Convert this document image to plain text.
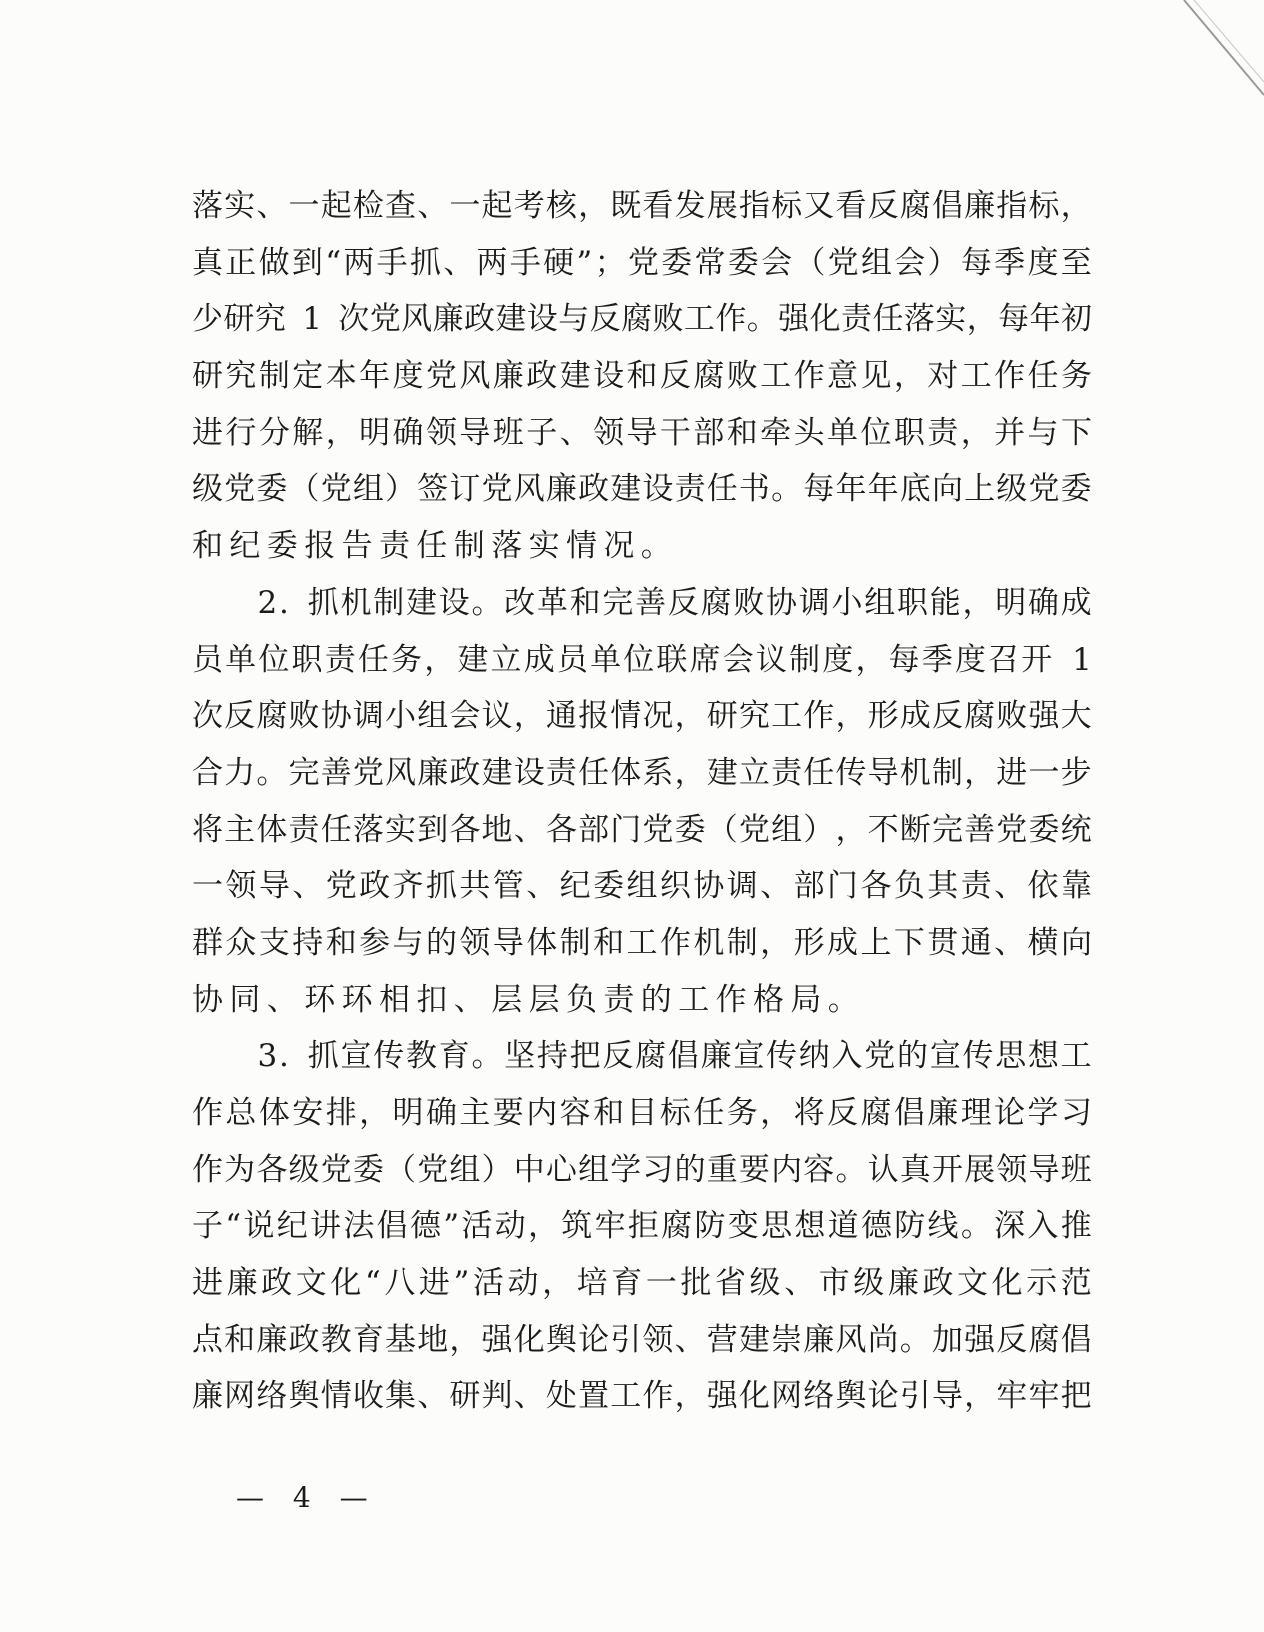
落 实 、 一 起 检 查 、 一 起 考 核 ， 既 看 发 展 指 标 又 看 反 腐 倡 廉 指 标 ，
真 正 做 到 “ 两 手 抓 、 两 手 硬 ” ； 党 委 常 委 会 （ 党 组 会 ） 每 季 度 至
少 研 究
  1
  次 党 风 廉 政 建 设 与 反 腐 败 工 作 。 强 化 责 任 落 实 ， 每 年 初
研 究 制 定 本 年 度 党 风 廉 政 建 设 和 反 腐 败 工 作 意 见 ， 对 工 作 任 务
进 行 分 解 ， 明 确 领 导 班 子 、 领 导 干 部 和 牵 头 单 位 职 责 ， 并 与 下
级 党 委 （ 党 组 ） 签 订 党 风 廉 政 建 设 责 任 书 。 每 年 年 底 向 上 级 党 委
和纪委报告责任制落实情况。

2 .
  抓 机 制 建 设 。 改 革 和 完 善 反 腐 败 协 调 小 组 职 能 ， 明 确 成
员 单 位 职 责 任 务 ， 建 立 成 员 单 位 联 席 会 议 制 度 ， 每 季 度 召 开
  1
次 反 腐 败 协 调 小 组 会 议 ， 通 报 情 况 ， 研 究 工 作 ， 形 成 反 腐 败 强 大
合 力 。 完 善 党 风 廉 政 建 设 责 任 体 系 ， 建 立 责 任 传 导 机 制 ， 进 一 步
将 主 体 责 任 落 实 到 各 地 、 各 部 门 党 委 （ 党 组 ） ， 不 断 完 善 党 委 统
一 领 导 、 党 政 齐 抓 共 管 、 纪 委 组 织 协 调 、 部 门 各 负 其 责 、 依 靠
群 众 支 持 和 参 与 的 领 导 体 制 和 工 作 机 制 ， 形 成 上 下 贯 通 、 横 向
协同、环环相扣、层层负责的工作格局。

3 .
  抓 宣 传 教 育 。 坚 持 把 反 腐 倡 廉 宣 传 纳 入 党 的 宣 传 思 想 工
作 总 体 安 排 ， 明 确 主 要 内 容 和 目 标 任 务 ， 将 反 腐 倡 廉 理 论 学 习
作 为 各 级 党 委 （ 党 组 ） 中 心 组 学 习 的 重 要 内 容 。 认 真 开 展 领 导 班
子 “ 说 纪 讲 法 倡 德 ” 活 动 ， 筑 牢 拒 腐 防 变 思 想 道 德 防 线 。 深 入 推
进 廉 政 文 化 “ 八 进 ” 活 动 ， 培 育 一 批 省 级 、 市 级 廉 政 文 化 示 范
点 和 廉 政 教 育 基 地 ， 强 化 舆 论 引 领 、 营 建 崇 廉 风 尚 。 加 强 反 腐 倡
廉 网 络 舆 情 收 集 、 研 判 、 处 置 工 作 ， 强 化 网 络 舆 论 引 导 ， 牢 牢 把
— 4 —
